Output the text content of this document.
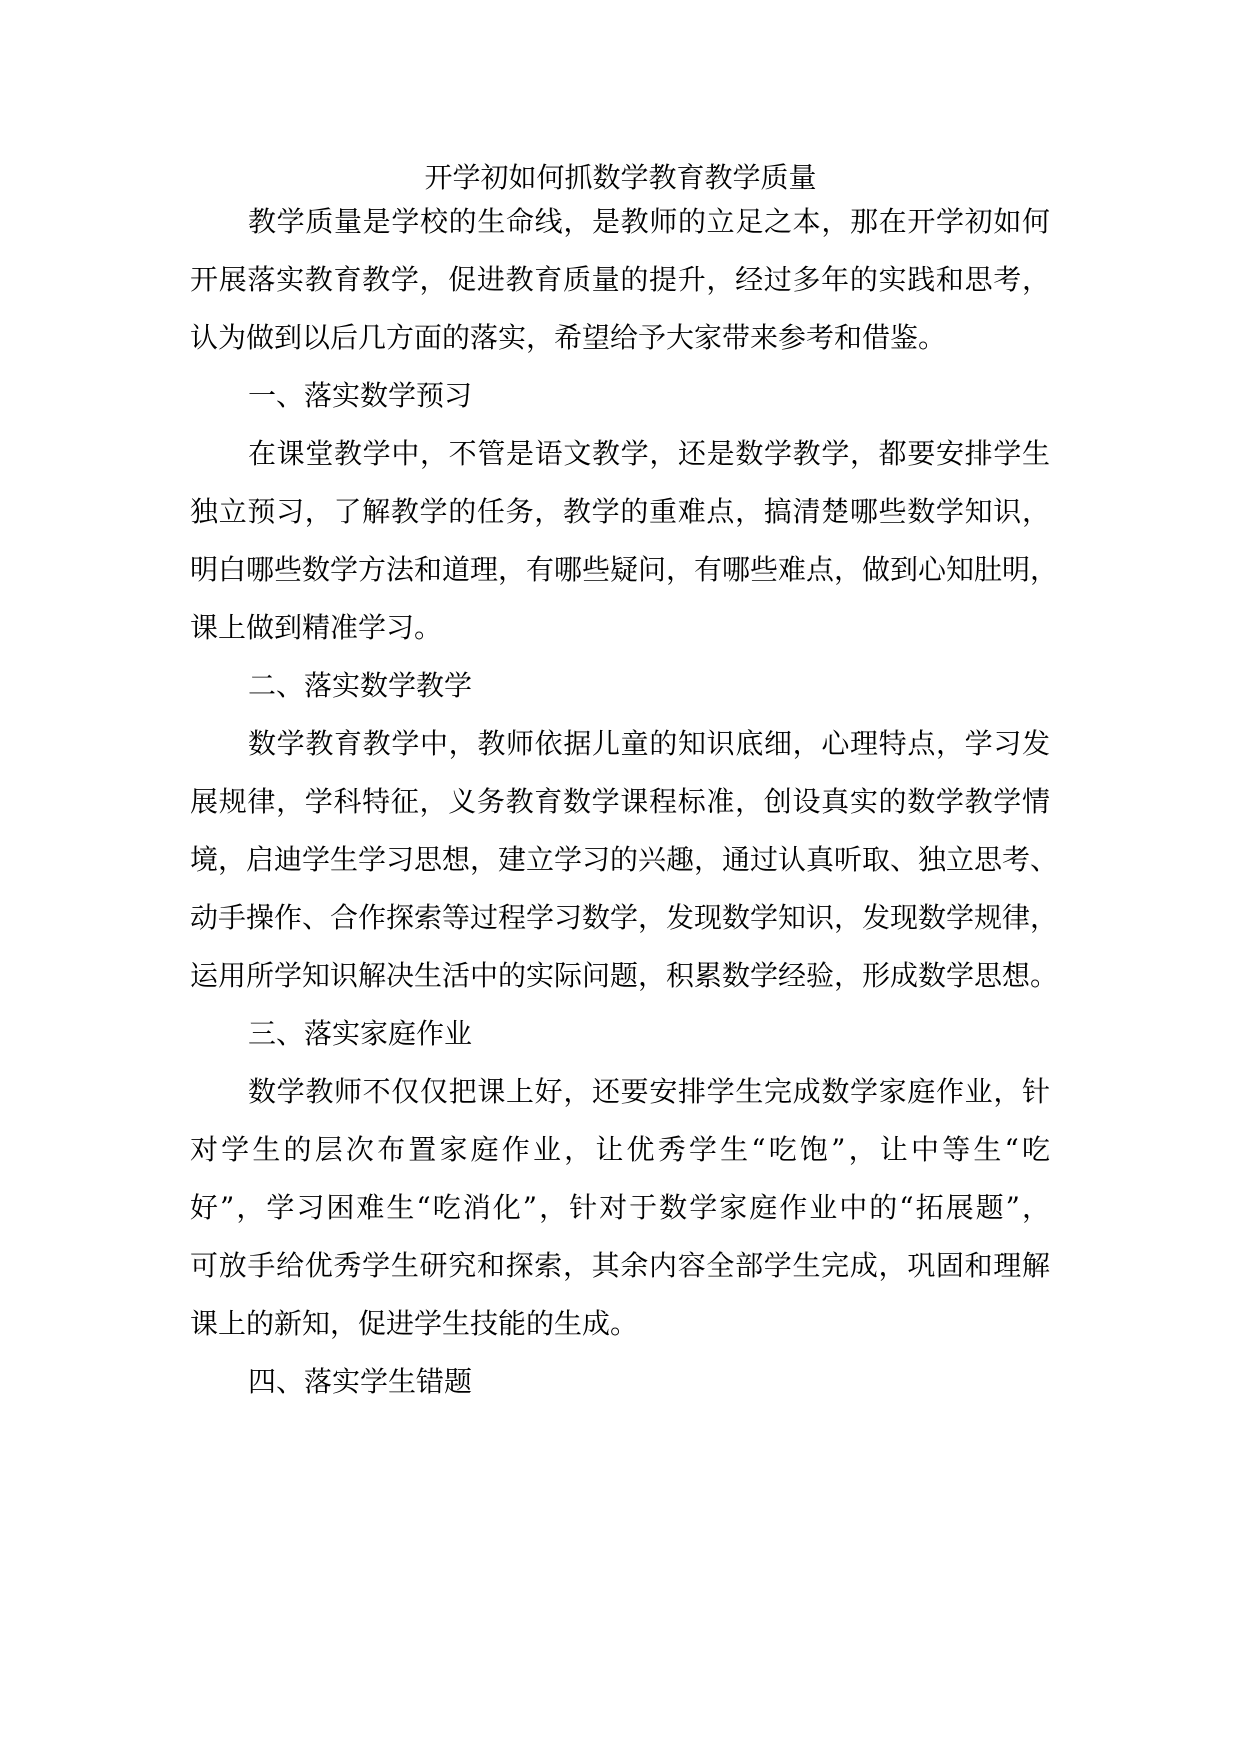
开学初如何抓数学教育教学质量
教学质量是学校的生命线，是教师的立足之本，那在开学初如何
开展落实教育教学，促进教育质量的提升，经过多年的实践和思考，
认为做到以后几方面的落实，希望给予大家带来参考和借鉴。
一、落实数学预习
在课堂教学中，不管是语文教学，还是数学教学，都要安排学生
独立预习，了解教学的任务，教学的重难点，搞清楚哪些数学知识，
明白哪些数学方法和道理，有哪些疑问，有哪些难点，做到心知肚明，
课上做到精准学习。
二、落实数学教学
数学教育教学中，教师依据儿童的知识底细，心理特点，学习发
展规律，学科特征，义务教育数学课程标准，创设真实的数学教学情
境，启迪学生学习思想，建立学习的兴趣，通过认真听取、独立思考、
动手操作、合作探索等过程学习数学，发现数学知识，发现数学规律，
运用所学知识解决生活中的实际问题，积累数学经验，形成数学思想。
三、落实家庭作业
数学教师不仅仅把课上好，还要安排学生完成数学家庭作业，针
对学生的层次布置家庭作业，让优秀学生“吃饱”，让中等生“吃
好”，学习困难生“吃消化”，针对于数学家庭作业中的“拓展题”，
可放手给优秀学生研究和探索，其余内容全部学生完成，巩固和理解
课上的新知，促进学生技能的生成。
四、落实学生错题
